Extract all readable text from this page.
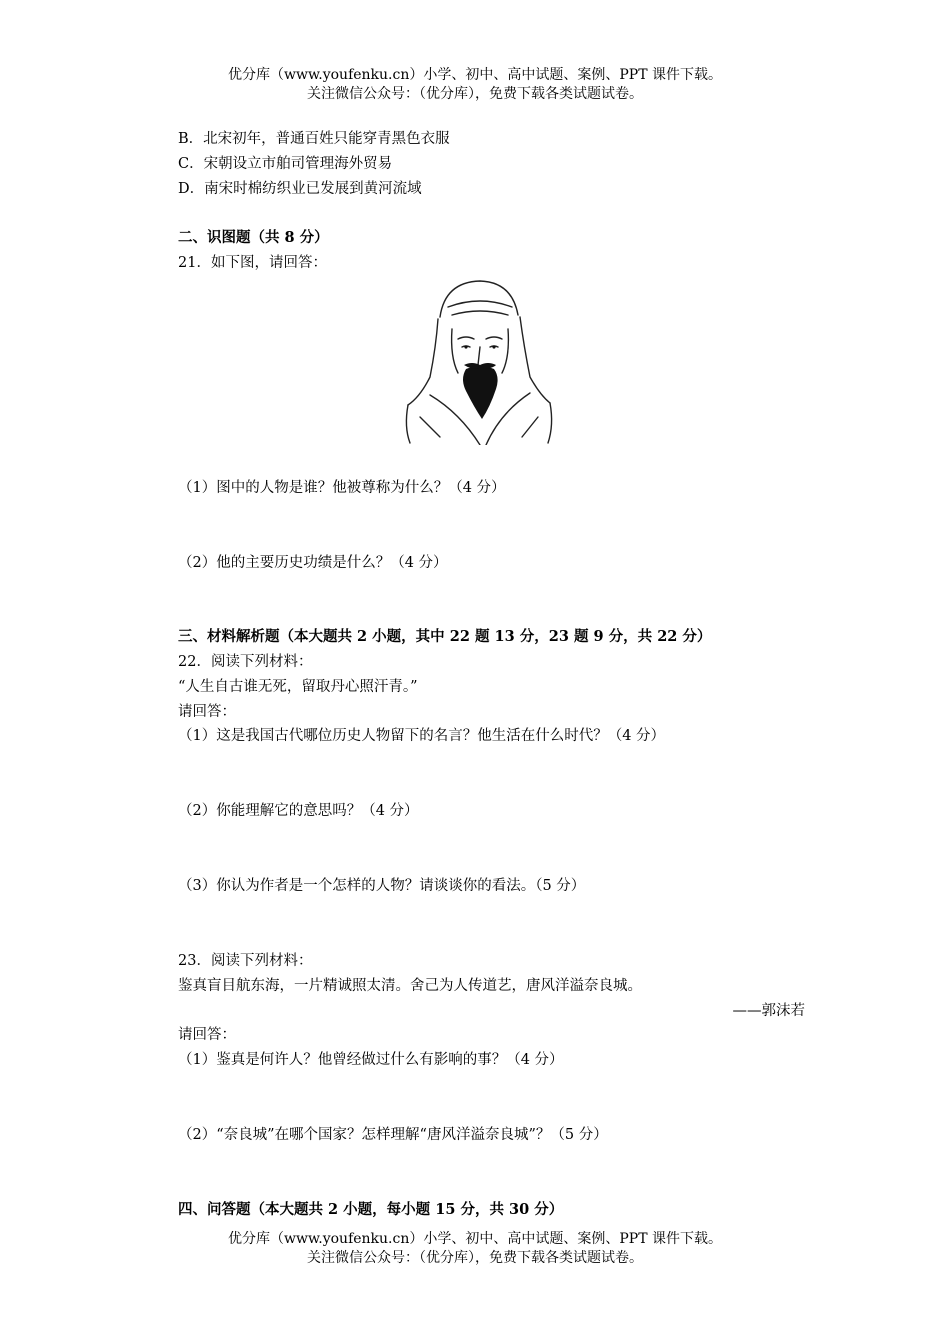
优分库（www.youfenku.cn）小学、初中、高中试题、案例、PPT 课件下载。
关注微信公众号：（优分库），免费下载各类试题试卷。
B．北宋初年，普通百姓只能穿青黑色衣服
C．宋朝设立市舶司管理海外贸易
D．南宋时棉纺织业已发展到黄河流域
二、识图题（共 8 分）
21．如下图，请回答：
（1）图中的人物是谁？他被尊称为什么？（4 分）
（2）他的主要历史功绩是什么？（4 分）
三、材料解析题（本大题共 2 小题，其中 22 题 13 分，23 题 9 分，共 22 分）
22．阅读下列材料：
“人生自古谁无死，留取丹心照汗青。”
请回答：
（1）这是我国古代哪位历史人物留下的名言？他生活在什么时代？（4 分）
（2）你能理解它的意思吗？（4 分）
（3）你认为作者是一个怎样的人物？请谈谈你的看法。（5 分）
23．阅读下列材料：
鉴真盲目航东海，一片精诚照太清。舍己为人传道艺，唐风洋溢奈良城。
——郭沫若
请回答：
（1）鉴真是何许人？他曾经做过什么有影响的事？（4 分）
（2）“奈良城”在哪个国家？怎样理解“唐风洋溢奈良城”？（5 分）
四、问答题（本大题共 2 小题，每小题 15 分，共 30 分）
优分库（www.youfenku.cn）小学、初中、高中试题、案例、PPT 课件下载。
关注微信公众号：（优分库），免费下载各类试题试卷。
